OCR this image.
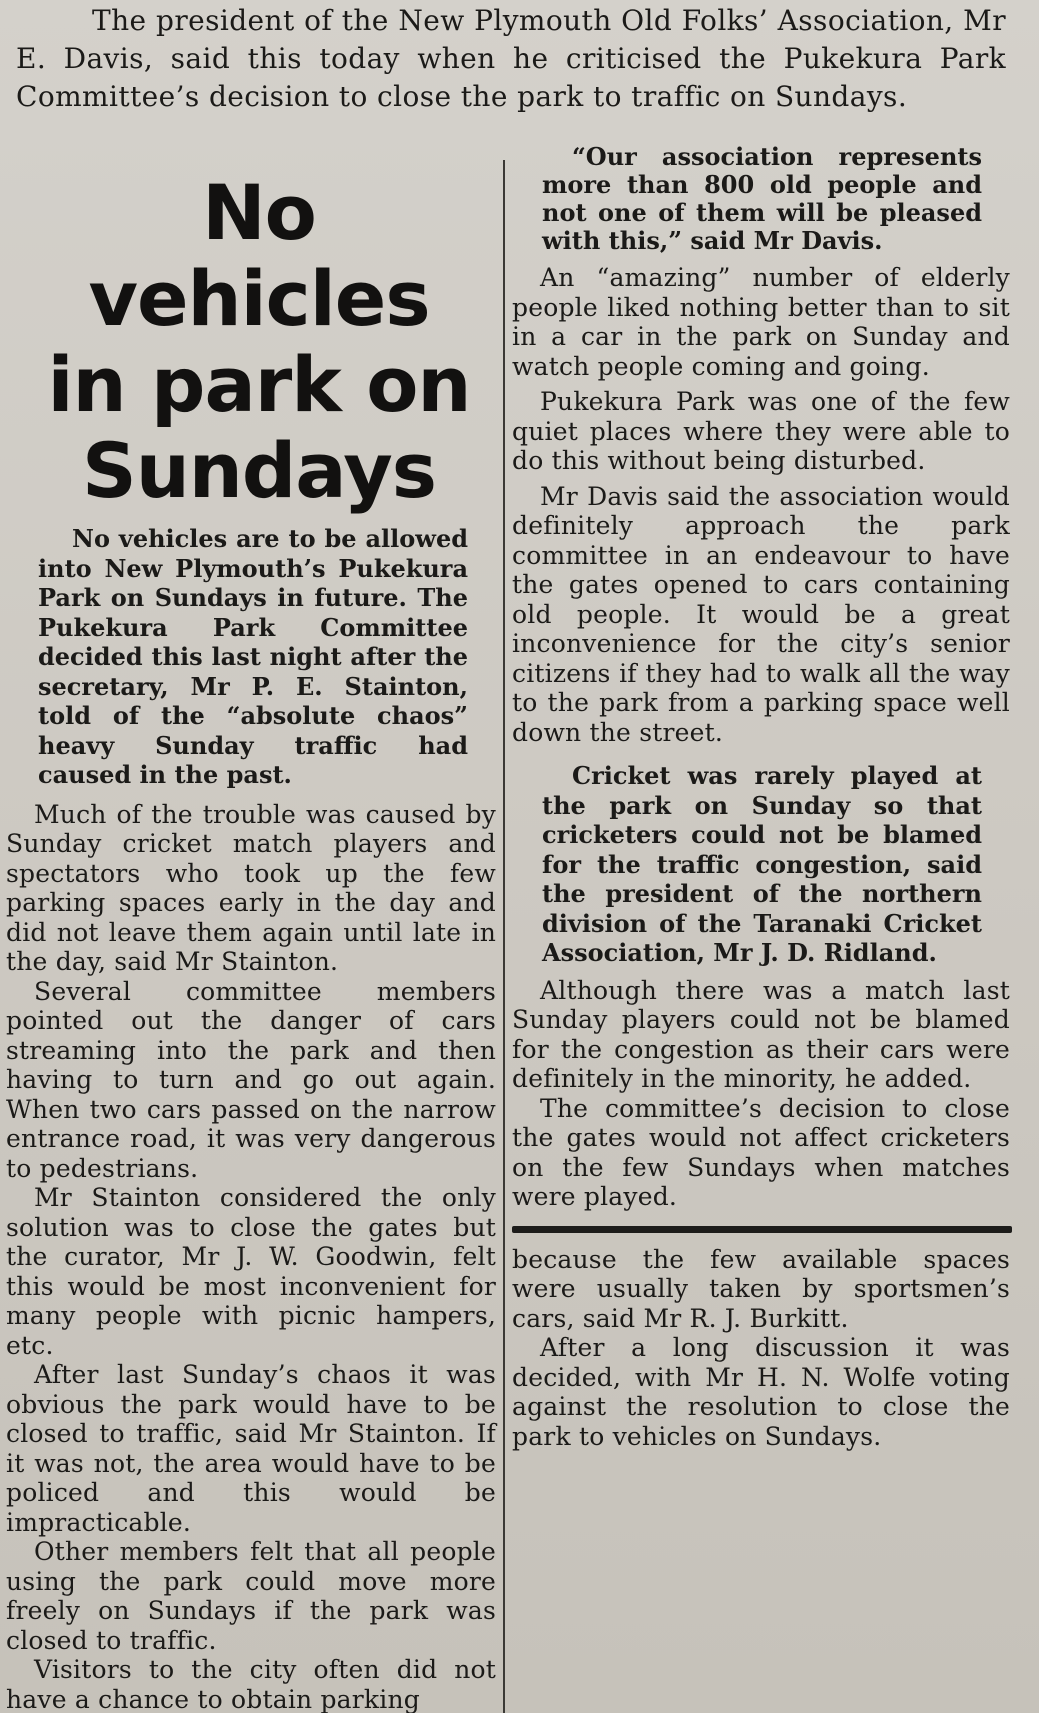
The president of the New Plymouth Old Folks’ Association, Mr E. Davis, said this today when he criticised the Pukekura Park Committee’s decision to close the park to traffic on Sundays.

No vehicles
in park on
Sundays

No vehicles are to be allowed into New Plymouth’s Pukekura Park on Sundays in future. The Pukekura Park Committee decided this last night after the secretary, Mr P. E. Stainton, told of the “absolute chaos” heavy Sunday traffic had caused in the past.

Much of the trouble was caused by Sunday cricket match players and spectators who took up the few parking spaces early in the day and did not leave them again until late in the day, said Mr Stainton.

Several committee members pointed out the danger of cars streaming into the park and then having to turn and go out again. When two cars passed on the narrow entrance road, it was very dangerous to pedestrians.

Mr Stainton considered the only solution was to close the gates but the curator, Mr J. W. Goodwin, felt this would be most inconvenient for many people with picnic hampers, etc.

After last Sunday’s chaos it was obvious the park would have to be closed to traffic, said Mr Stainton. If it was not, the area would have to be policed and this would be impracticable.

Other members felt that all people using the park could move more freely on Sundays if the park was closed to traffic.

Visitors to the city often did not have a chance to obtain parking

“Our association represents more than 800 old people and not one of them will be pleased with this,” said Mr Davis.

An “amazing” number of elderly people liked nothing better than to sit in a car in the park on Sunday and watch people coming and going.

Pukekura Park was one of the few quiet places where they were able to do this without being disturbed.

Mr Davis said the association would definitely approach the park committee in an endeavour to have the gates opened to cars containing old people. It would be a great inconvenience for the city’s senior citizens if they had to walk all the way to the park from a parking space well down the street.

Cricket was rarely played at the park on Sunday so that cricketers could not be blamed for the traffic congestion, said the president of the northern division of the Taranaki Cricket Association, Mr J. D. Ridland.

Although there was a match last Sunday players could not be blamed for the congestion as their cars were definitely in the minority, he added.

The committee’s decision to close the gates would not affect cricketers on the few Sundays when matches were played.

because the few available spaces were usually taken by sportsmen’s cars, said Mr R. J. Burkitt.

After a long discussion it was decided, with Mr H. N. Wolfe voting against the resolution to close the park to vehicles on Sundays.
